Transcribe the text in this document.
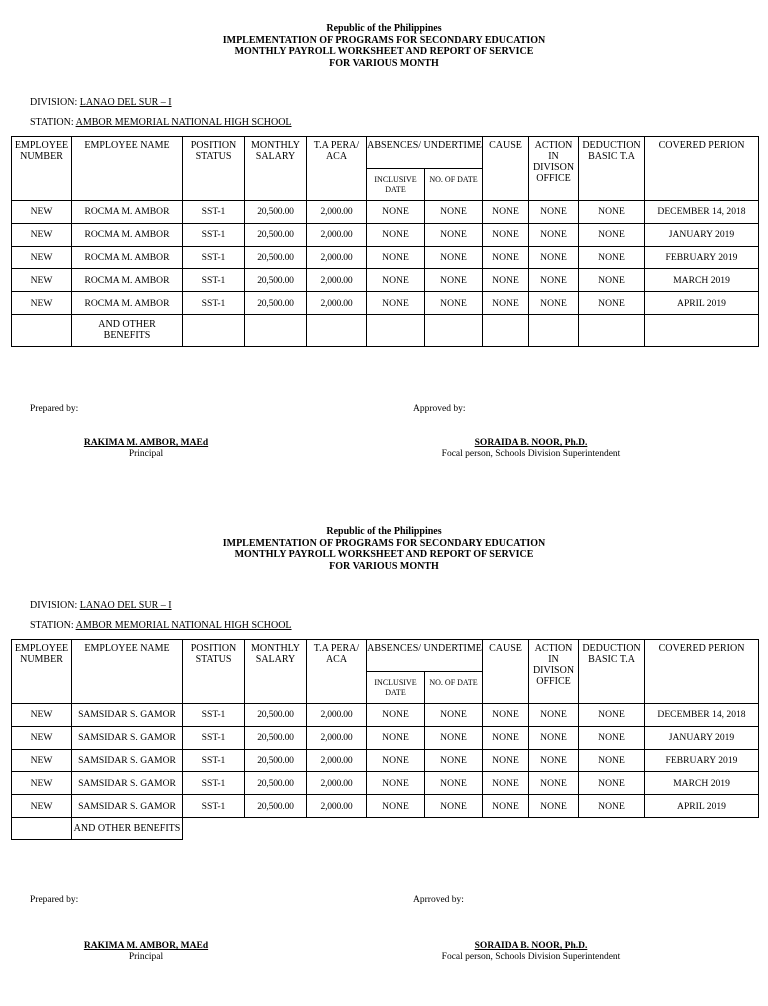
Republic of the Philippines
IMPLEMENTATION OF PROGRAMS FOR SECONDARY EDUCATION
MONTHLY PAYROLL WORKSHEET AND REPORT OF SERVICE
FOR VARIOUS MONTH
DIVISION: LANAO DEL SUR – I
STATION: AMBOR MEMORIAL NATIONAL HIGH SCHOOL
EMPLOYEE NUMBER	EMPLOYEE NAME	POSITION STATUS	MONTHLY SALARY	T.A PERA/ ACA	ABSENCES/ UNDERTIME		CAUSE	ACTION IN DIVISON OFFICE	DEDUCTION BASIC T.A	COVERED PERION
					INCLUSIVE DATE	NO. OF DATE				
NEW	ROCMA M. AMBOR	SST-1	20,500.00	2,000.00	NONE	NONE	NONE	NONE	NONE	DECEMBER 14, 2018
NEW	ROCMA M. AMBOR	SST-1	20,500.00	2,000.00	NONE	NONE	NONE	NONE	NONE	JANUARY 2019
NEW	ROCMA M. AMBOR	SST-1	20,500.00	2,000.00	NONE	NONE	NONE	NONE	NONE	FEBRUARY 2019
NEW	ROCMA M. AMBOR	SST-1	20,500.00	2,000.00	NONE	NONE	NONE	NONE	NONE	MARCH 2019
NEW	ROCMA M. AMBOR	SST-1	20,500.00	2,000.00	NONE	NONE	NONE	NONE	NONE	APRIL 2019
	AND OTHER BENEFITS									
Prepared by:	Approved by:
RAKIMA M. AMBOR, MAEd
Principal
SORAIDA B. NOOR, Ph.D.
Focal person, Schools Division Superintendent
Republic of the Philippines
IMPLEMENTATION OF PROGRAMS FOR SECONDARY EDUCATION
MONTHLY PAYROLL WORKSHEET AND REPORT OF SERVICE
FOR VARIOUS MONTH
DIVISION: LANAO DEL SUR – I
STATION: AMBOR MEMORIAL NATIONAL HIGH SCHOOL
EMPLOYEE NUMBER	EMPLOYEE NAME	POSITION STATUS	MONTHLY SALARY	T.A PERA/ ACA	ABSENCES/ UNDERTIME		CAUSE	ACTION IN DIVISON OFFICE	DEDUCTION BASIC T.A	COVERED PERION
					INCLUSIVE DATE	NO. OF DATE				
NEW	SAMSIDAR S. GAMOR	SST-1	20,500.00	2,000.00	NONE	NONE	NONE	NONE	NONE	DECEMBER 14, 2018
NEW	SAMSIDAR S. GAMOR	SST-1	20,500.00	2,000.00	NONE	NONE	NONE	NONE	NONE	JANUARY 2019
NEW	SAMSIDAR S. GAMOR	SST-1	20,500.00	2,000.00	NONE	NONE	NONE	NONE	NONE	FEBRUARY 2019
NEW	SAMSIDAR S. GAMOR	SST-1	20,500.00	2,000.00	NONE	NONE	NONE	NONE	NONE	MARCH 2019
NEW	SAMSIDAR S. GAMOR	SST-1	20,500.00	2,000.00	NONE	NONE	NONE	NONE	NONE	APRIL 2019
	AND OTHER BENEFITS									
Prepared by:	Aprroved by:
RAKIMA M. AMBOR, MAEd
Principal
SORAIDA B. NOOR, Ph.D.
Focal person, Schools Division Superintendent
